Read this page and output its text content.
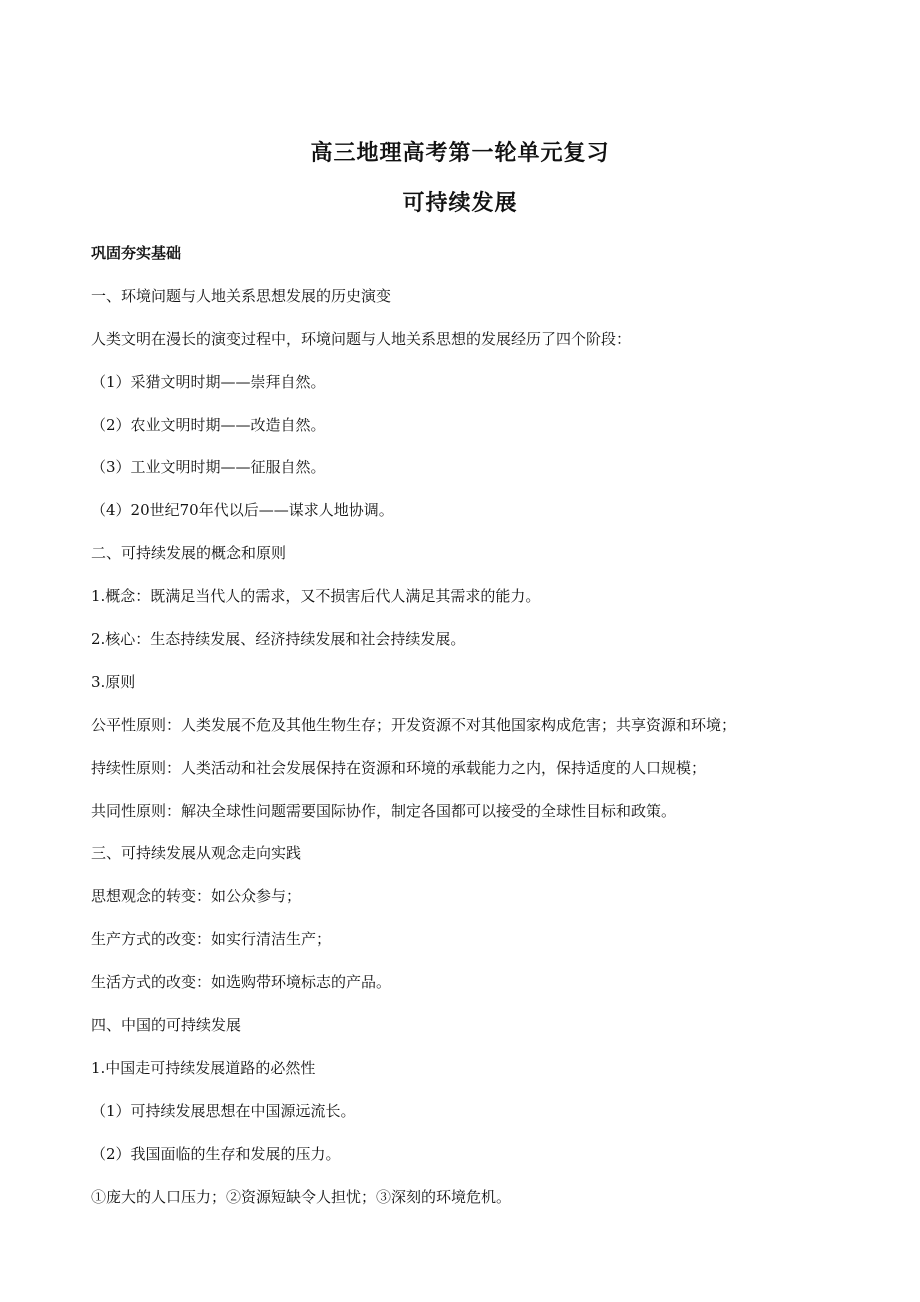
高三地理高考第一轮单元复习
可持续发展
巩固夯实基础
一、环境问题与人地关系思想发展的历史演变
人类文明在漫长的演变过程中，环境问题与人地关系思想的发展经历了四个阶段：
（1）采猎文明时期——崇拜自然。
（2）农业文明时期——改造自然。
（3）工业文明时期——征服自然。
（4）20世纪70年代以后——谋求人地协调。
二、可持续发展的概念和原则
1.概念：既满足当代人的需求，又不损害后代人满足其需求的能力。
2.核心：生态持续发展、经济持续发展和社会持续发展。
3.原则
公平性原则：人类发展不危及其他生物生存；开发资源不对其他国家构成危害；共享资源和环境；
持续性原则：人类活动和社会发展保持在资源和环境的承载能力之内，保持适度的人口规模；
共同性原则：解决全球性问题需要国际协作，制定各国都可以接受的全球性目标和政策。
三、可持续发展从观念走向实践
思想观念的转变：如公众参与；
生产方式的改变：如实行清洁生产；
生活方式的改变：如选购带环境标志的产品。
四、中国的可持续发展
1.中国走可持续发展道路的必然性
（1）可持续发展思想在中国源远流长。
（2）我国面临的生存和发展的压力。
①庞大的人口压力；②资源短缺令人担忧；③深刻的环境危机。
